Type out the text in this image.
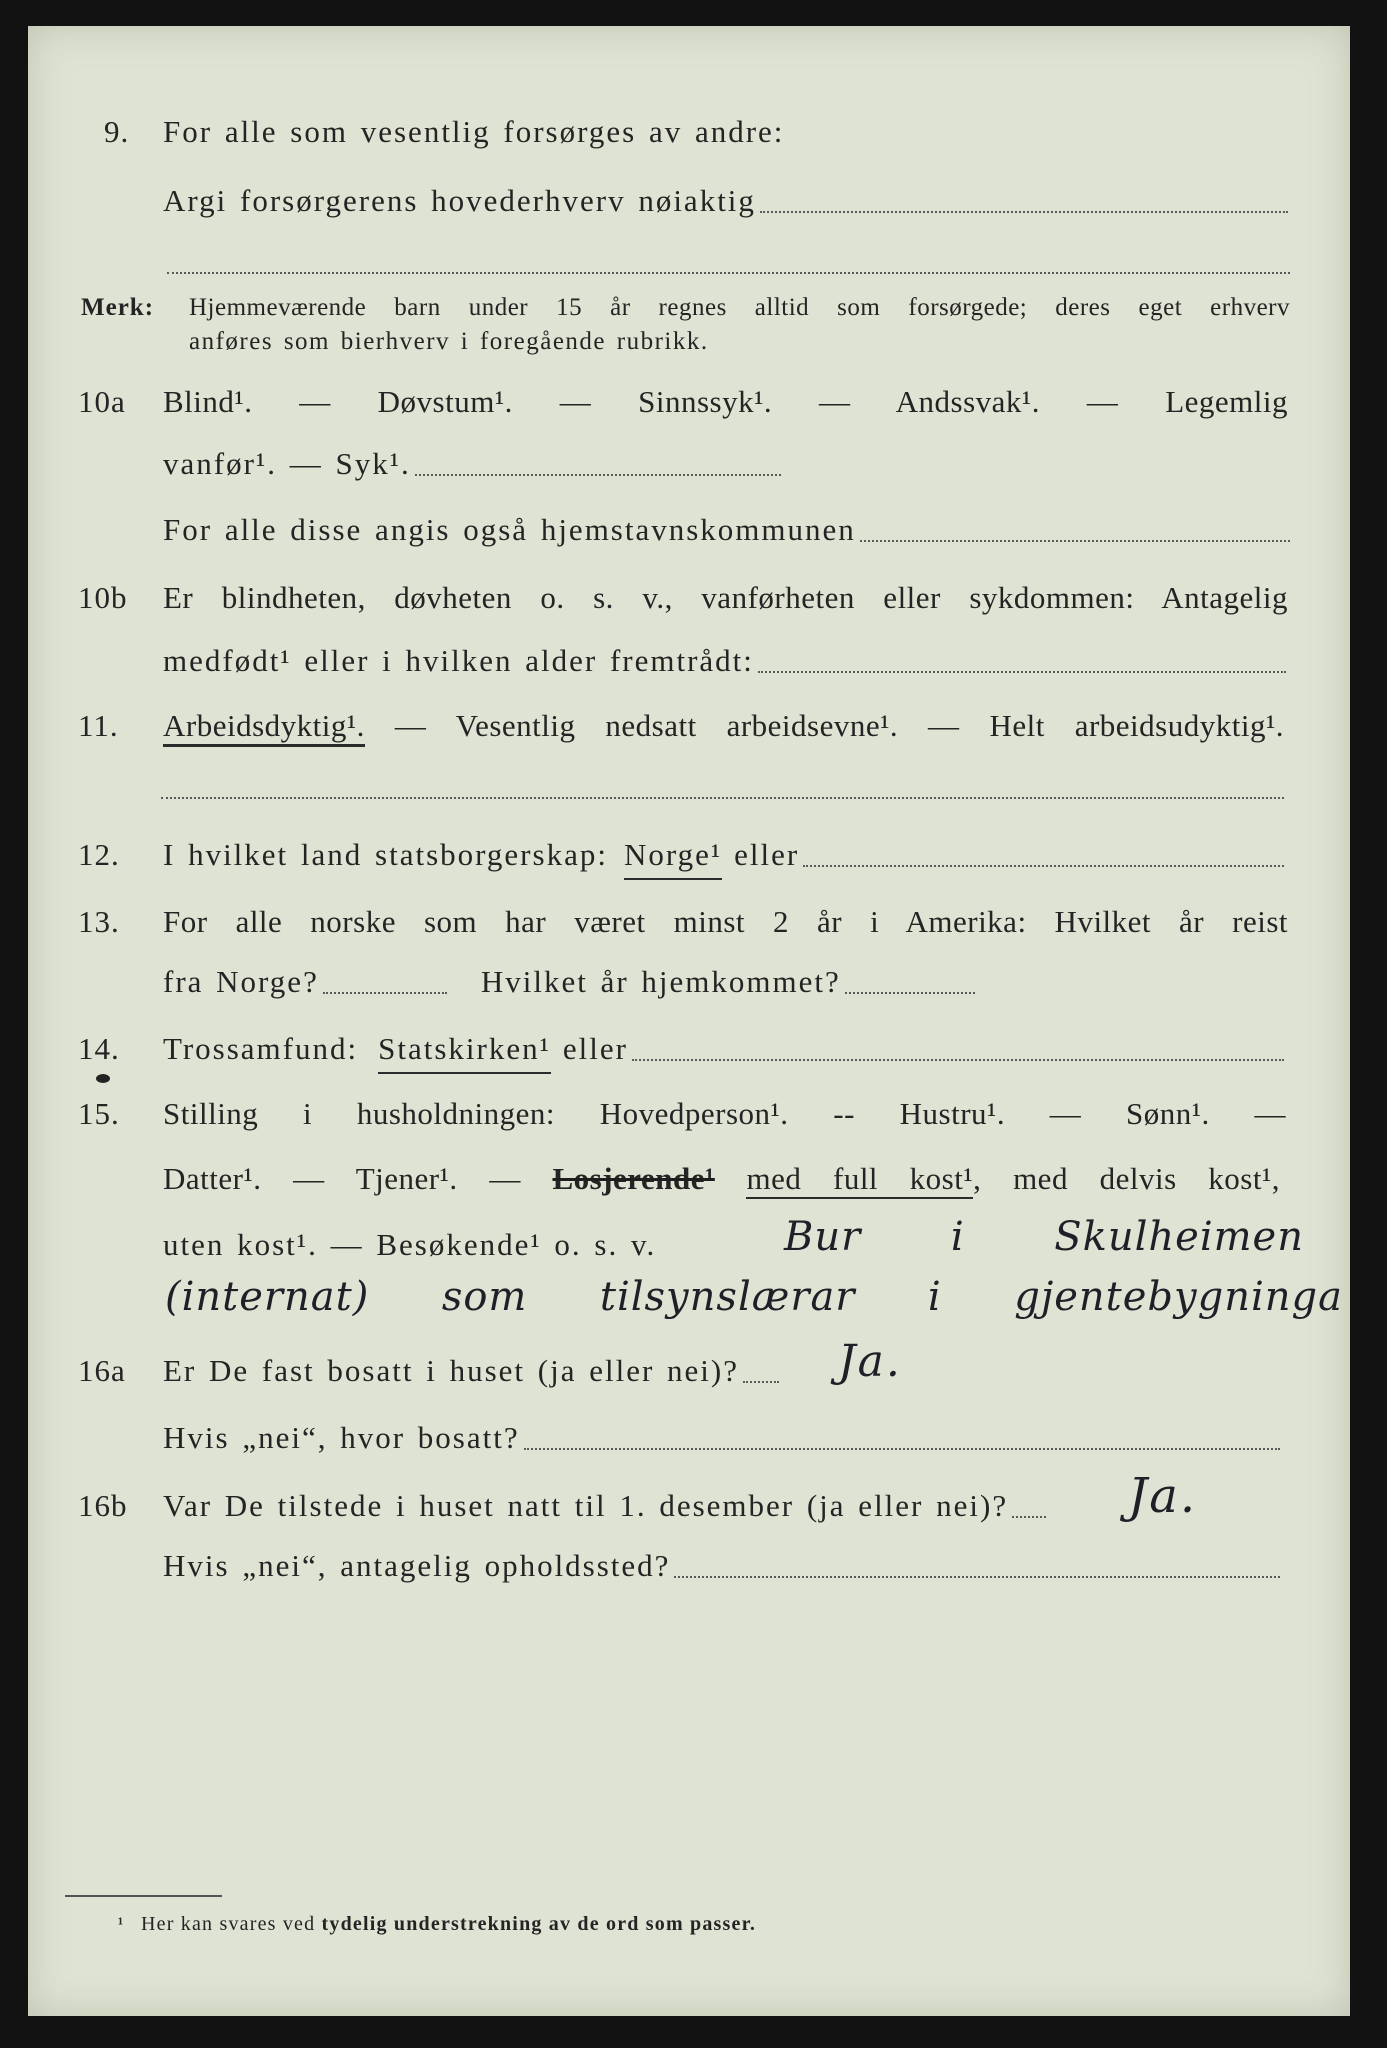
9. For alle som vesentlig forsørges av andre:
Argi forsørgerens hovederhverv nøiaktig
Merk: Hjemmeværende barn under 15 år regnes alltid som forsørgede; deres eget erhverv
anføres som bierhverv i foregående rubrikk.
10a Blind¹. — Døvstum¹. — Sinnssyk¹. — Andssvak¹. — Legemlig
vanfør¹. — Syk¹.
For alle disse angis også hjemstavnskommunen
10b Er blindheten, døvheten o. s. v., vanførheten eller sykdommen: Antagelig
medfødt¹ eller i hvilken alder fremtrådt:
11. Arbeidsdyktig¹. — Vesentlig nedsatt arbeidsevne¹. — Helt arbeidsudyktig¹.
12. I hvilket land statsborgerskap: Norge¹ eller
13. For alle norske som har været minst 2 år i Amerika: Hvilket år reist
fra Norge?	Hvilket år hjemkommet?
14. Trossamfund: Statskirken¹ eller
15. Stilling i husholdningen: Hovedperson¹. -- Hustru¹. — Sønn¹. —
Datter¹. — Tjener¹. — Losjerende¹ med full kost¹, med delvis kost¹,
uten kost¹. — Besøkende¹ o. s. v.	Bur i Skulheimen
(internat) som tilsynslærar i gjentebygninga
16a Er De fast bosatt i huset (ja eller nei)? Ja.
Hvis „nei“, hvor bosatt?
16b Var De tilstede i huset natt til 1. desember (ja eller nei)? Ja.
Hvis „nei“, antagelig opholdssted?
¹ Her kan svares ved tydelig understrekning av de ord som passer.
